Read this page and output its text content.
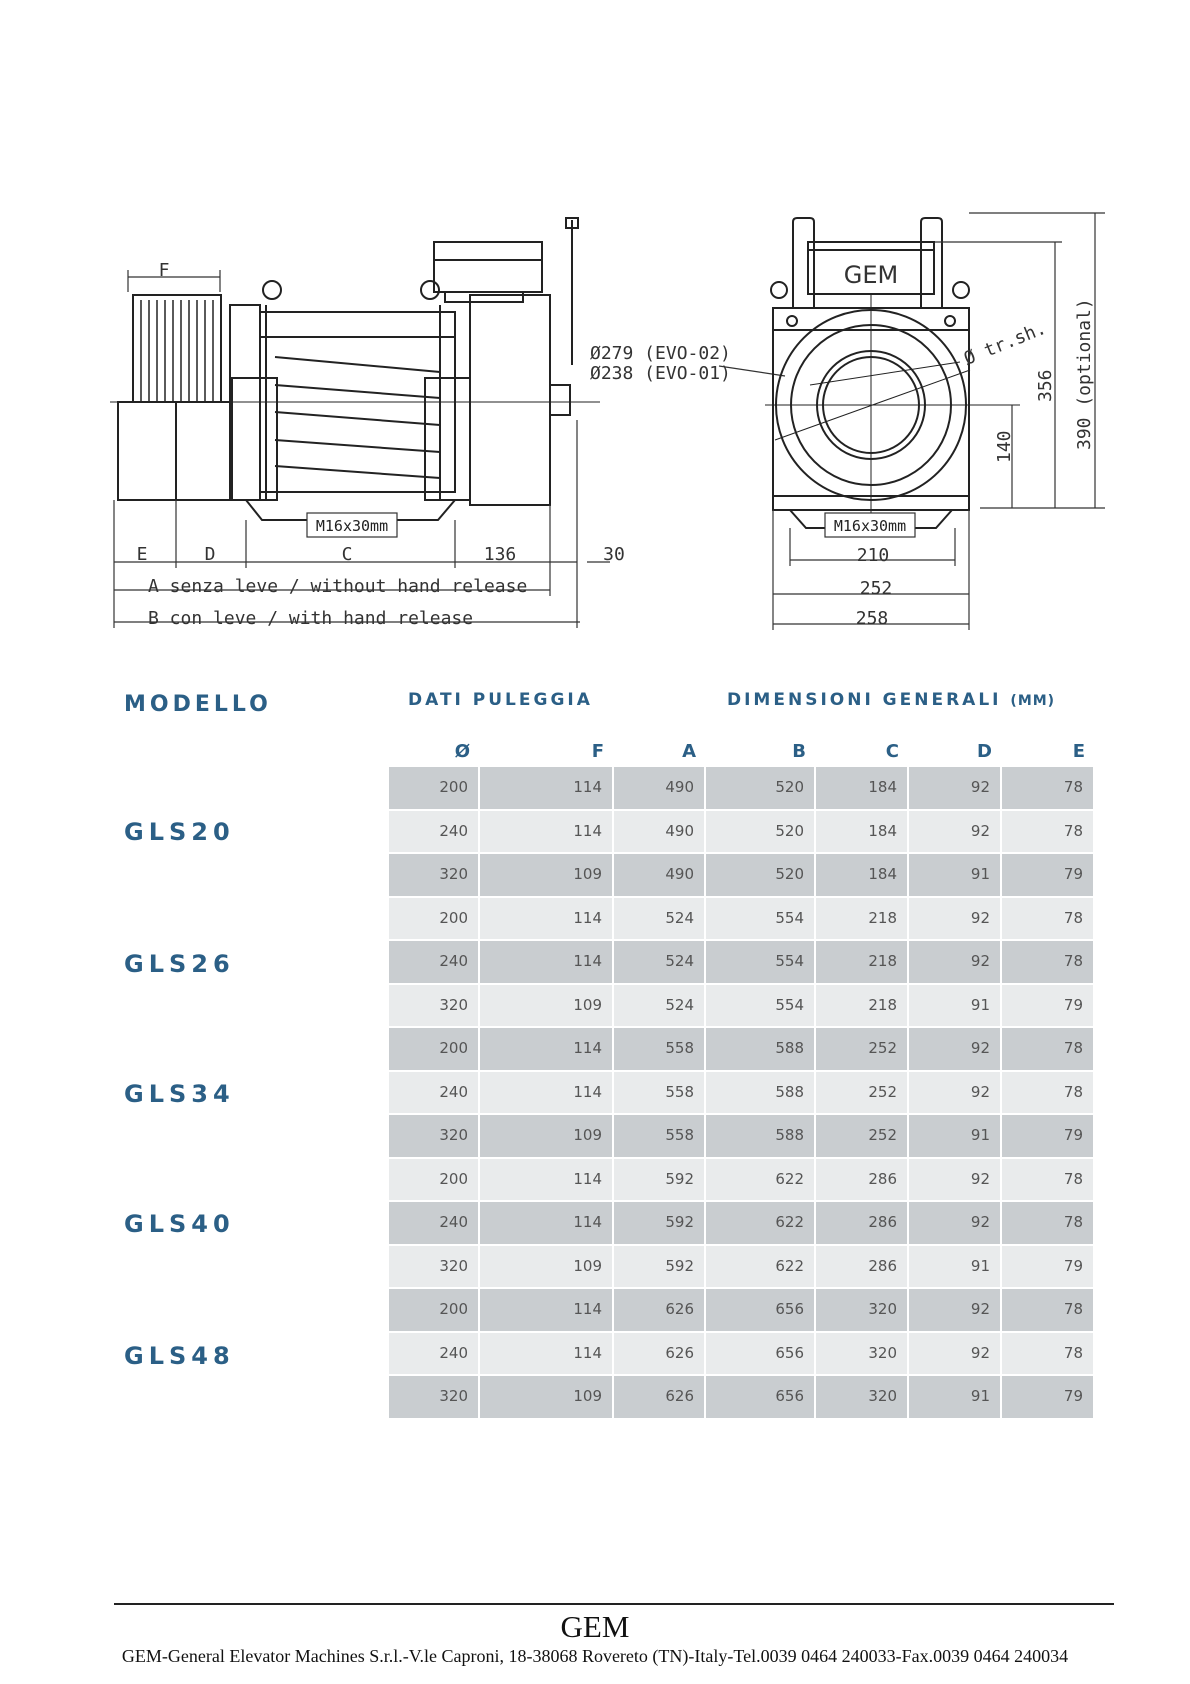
F
E	D	C	136	30
M16x30mm
A senza leve / without hand release
B con leve / with hand release
Ø279 (EVO-02)
Ø238 (EVO-01)
GEM
M16x30mm
210
252
258
Ø tr.sh.
356 390 (optional)
140
MODELLO	DATI PULEGGIA	DIMENSIONI GENERALI (MM)
Ø	F	A	B	C	D	E
200	114	490	520	184	92	78
240	114	490	520	184	92	78
320	109	490	520	184	91	79
200	114	524	554	218	92	78
240	114	524	554	218	92	78
320	109	524	554	218	91	79
200	114	558	588	252	92	78
240	114	558	588	252	92	78
320	109	558	588	252	91	79
200	114	592	622	286	92	78
240	114	592	622	286	92	78
320	109	592	622	286	91	79
200	114	626	656	320	92	78
240	114	626	656	320	92	78
320	109	626	656	320	91	79
GLS20
GLS26
GLS34
GLS40
GLS48
GEM
GEM-General Elevator Machines S.r.l.-V.le Caproni, 18-38068 Rovereto (TN)-Italy-Tel.0039 0464 240033-Fax.0039 0464 240034
